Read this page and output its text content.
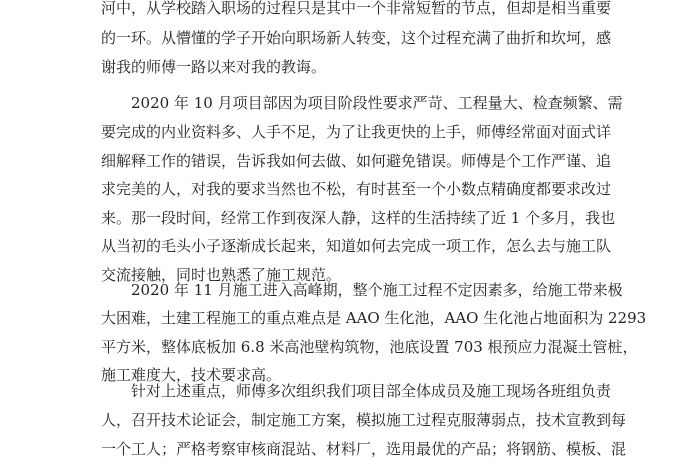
河中，从学校踏入职场的过程只是其中一个非常短暂的节点，但却是相当重要

的一环。从懵懂的学子开始向职场新人转变，这个过程充满了曲折和坎坷，感

谢我的师傅一路以来对我的教诲。

2020 年 10 月项目部因为项目阶段性要求严苛、工程量大、检查频繁、需

要完成的内业资料多、人手不足，为了让我更快的上手，师傅经常面对面式详

细解释工作的错误，告诉我如何去做、如何避免错误。师傅是个工作严谨、追

求完美的人，对我的要求当然也不松，有时甚至一个小数点精确度都要求改过

来。那一段时间，经常工作到夜深人静，这样的生活持续了近 1 个多月，我也

从当初的毛头小子逐渐成长起来，知道如何去完成一项工作，怎么去与施工队

交流接触，同时也熟悉了施工规范。

2020 年 11 月施工进入高峰期，整个施工过程不定因素多，给施工带来极

大困难，土建工程施工的重点难点是 AAO 生化池，AAO 生化池占地面积为 2293

平方米，整体底板加 6.8 米高池壁构筑物，池底设置 703 根预应力混凝土管桩，

施工难度大，技术要求高。

针对上述重点，师傅多次组织我们项目部全体成员及施工现场各班组负责

人，召开技术论证会，制定施工方案，模拟施工过程克服薄弱点，技术宣教到每

一个工人；严格考察审核商混站、材料厂，选用最优的产品；将钢筋、模板、混
